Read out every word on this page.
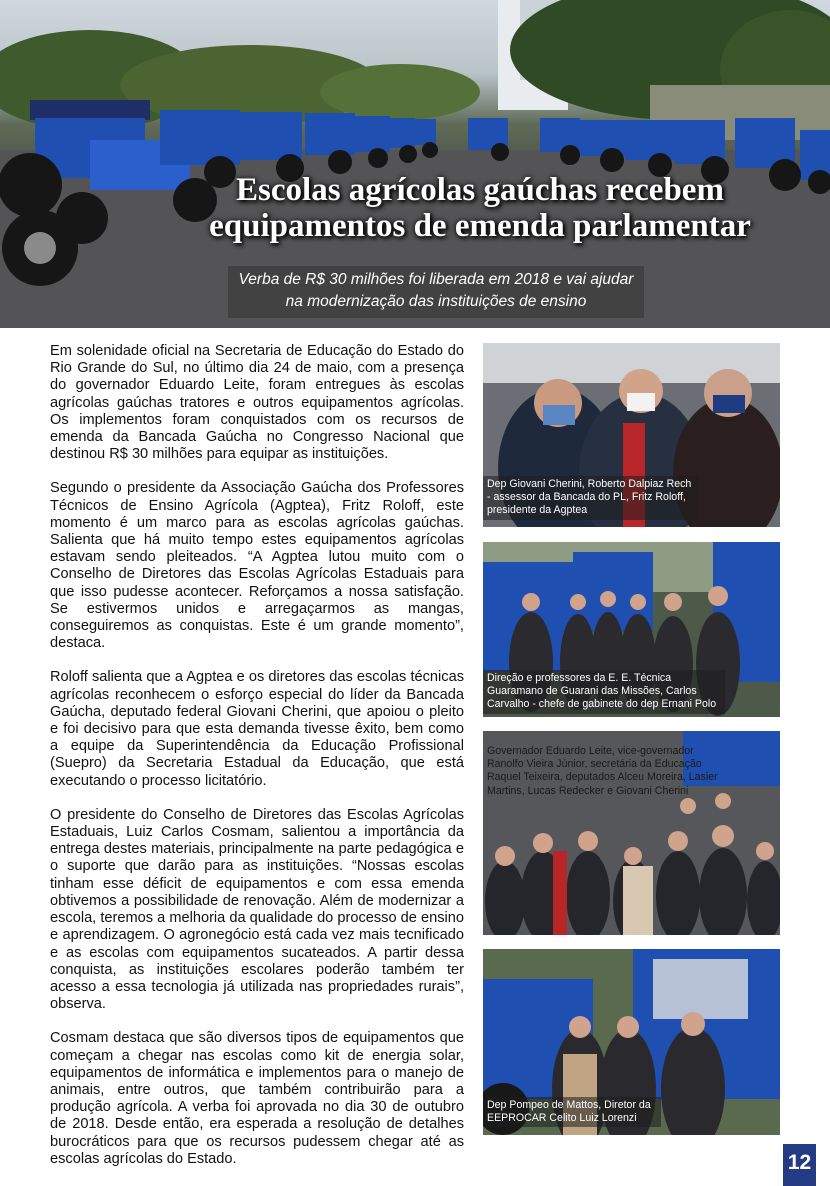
Escolas agrícolas gaúchas recebem equipamentos de emenda parlamentar
Verba de R$ 30 milhões foi liberada em 2018 e vai ajudar na modernização das instituições de ensino

Em solenidade oficial na Secretaria de Educação do Estado do Rio Grande do Sul, no último dia 24 de maio, com a presença do governador Eduardo Leite, foram entregues às escolas agrícolas gaúchas tratores e outros equipamentos agrícolas. Os implementos foram conquistados com os recursos de emenda da Bancada Gaúcha no Congresso Nacional que destinou R$ 30 milhões para equipar as instituições.

Segundo o presidente da Associação Gaúcha dos Professores Técnicos de Ensino Agrícola (Agptea), Fritz Roloff, este momento é um marco para as escolas agrícolas gaúchas. Salienta que há muito tempo estes equipamentos agrícolas estavam sendo pleiteados. “A Agptea lutou muito com o Conselho de Diretores das Escolas Agrícolas Estaduais para que isso pudesse acontecer. Reforçamos a nossa satisfação. Se estivermos unidos e arregaçarmos as mangas, conseguiremos as conquistas. Este é um grande momento”, destaca.

Roloff salienta que a Agptea e os diretores das escolas técnicas agrícolas reconhecem o esforço especial do líder da Bancada Gaúcha, deputado federal Giovani Cherini, que apoiou o pleito e foi decisivo para que esta demanda tivesse êxito, bem como a equipe da Superintendência da Educação Profissional (Suepro) da Secretaria Estadual da Educação, que está executando o processo licitatório.

O presidente do Conselho de Diretores das Escolas Agrícolas Estaduais, Luiz Carlos Cosmam, salientou a importância da entrega destes materiais, principalmente na parte pedagógica e o suporte que darão para as instituições. “Nossas escolas tinham esse déficit de equipamentos e com essa emenda obtivemos a possibilidade de renovação. Além de modernizar a escola, teremos a melhoria da qualidade do processo de ensino e aprendizagem. O agronegócio está cada vez mais tecnificado e as escolas com equipamentos sucateados. A partir dessa conquista, as instituições escolares poderão também ter acesso a essa tecnologia já utilizada nas propriedades rurais”, observa.

Cosmam destaca que são diversos tipos de equipamentos que começam a chegar nas escolas como kit de energia solar, equipamentos de informática e implementos para o manejo de animais, entre outros, que também contribuirão para a produção agrícola. A verba foi aprovada no dia 30 de outubro de 2018. Desde então, era esperada a resolução de detalhes burocráticos para que os recursos pudessem chegar até as escolas agrícolas do Estado.

Dep Giovani Cherini, Roberto Dalpiaz Rech - assessor da Bancada do PL, Fritz Roloff, presidente da Agptea
Direção e professores da E. E. Técnica Guaramano de Guarani das Missões, Carlos Carvalho - chefe de gabinete do dep Ernani Polo
Governador Eduardo Leite, vice-governador Ranolfo Vieira Júnior, secretária da Educação Raquel Teixeira, deputados Alceu Moreira, Lasier Martins, Lucas Redecker e Giovani Cherini
Dep Pompeo de Mattos, Diretor da EEPROCAR Celito Luiz Lorenzi
12
